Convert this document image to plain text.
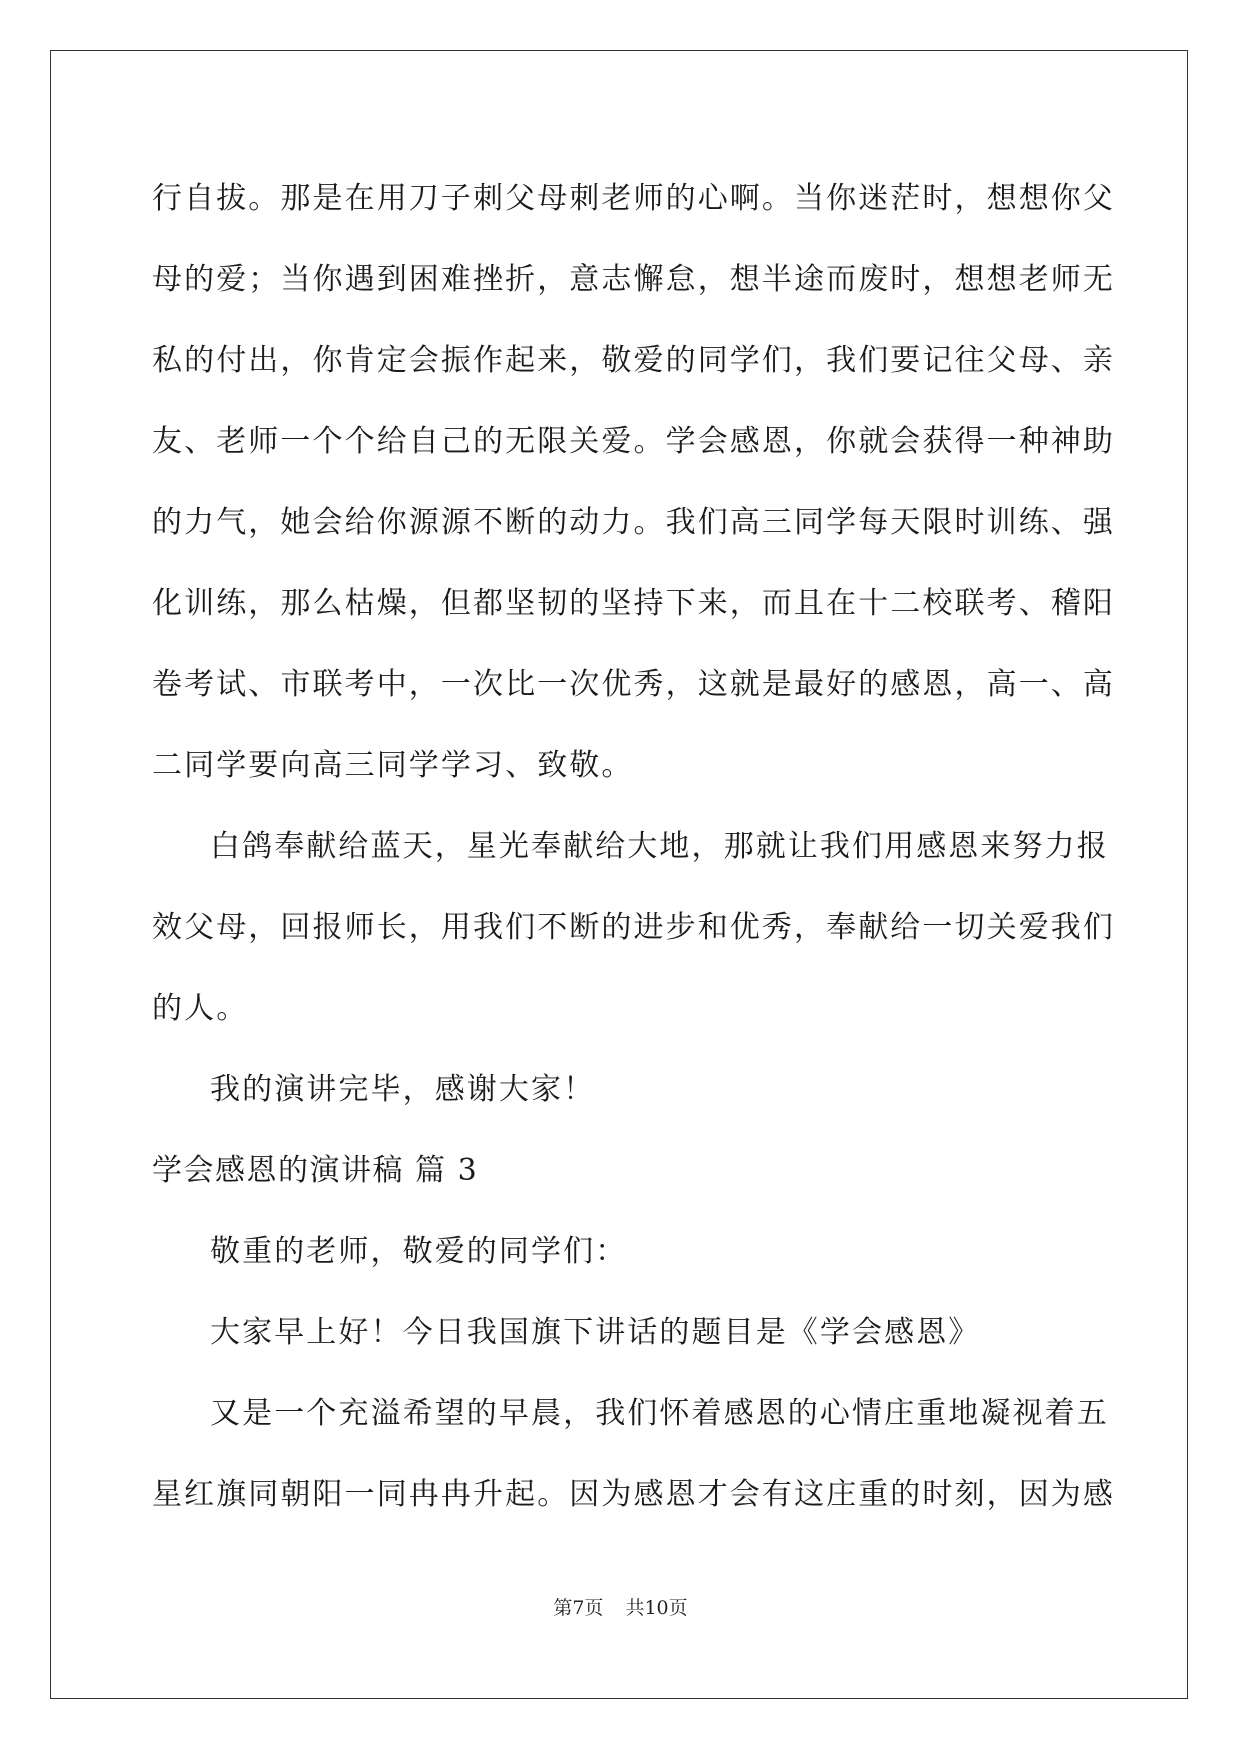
行自拔。那是在用刀子刺父母刺老师的心啊。当你迷茫时，想想你父
母的爱；当你遇到困难挫折，意志懈怠，想半途而废时，想想老师无
私的付出，你肯定会振作起来，敬爱的同学们，我们要记往父母、亲
友、老师一个个给自己的无限关爱。学会感恩，你就会获得一种神助
的力气，她会给你源源不断的动力。我们高三同学每天限时训练、强
化训练，那么枯燥，但都坚韧的坚持下来，而且在十二校联考、稽阳
卷考试、市联考中，一次比一次优秀，这就是最好的感恩，高一、高
二同学要向高三同学学习、致敬。

白鸽奉献给蓝天，星光奉献给大地，那就让我们用感恩来努力报
效父母，回报师长，用我们不断的进步和优秀，奉献给一切关爱我们
的人。

我的演讲完毕，感谢大家！

学会感恩的演讲稿 篇 3

敬重的老师，敬爱的同学们：

大家早上好！今日我国旗下讲话的题目是《学会感恩》

又是一个充溢希望的早晨，我们怀着感恩的心情庄重地凝视着五
星红旗同朝阳一同冉冉升起。因为感恩才会有这庄重的时刻，因为感

第7页 共10页
